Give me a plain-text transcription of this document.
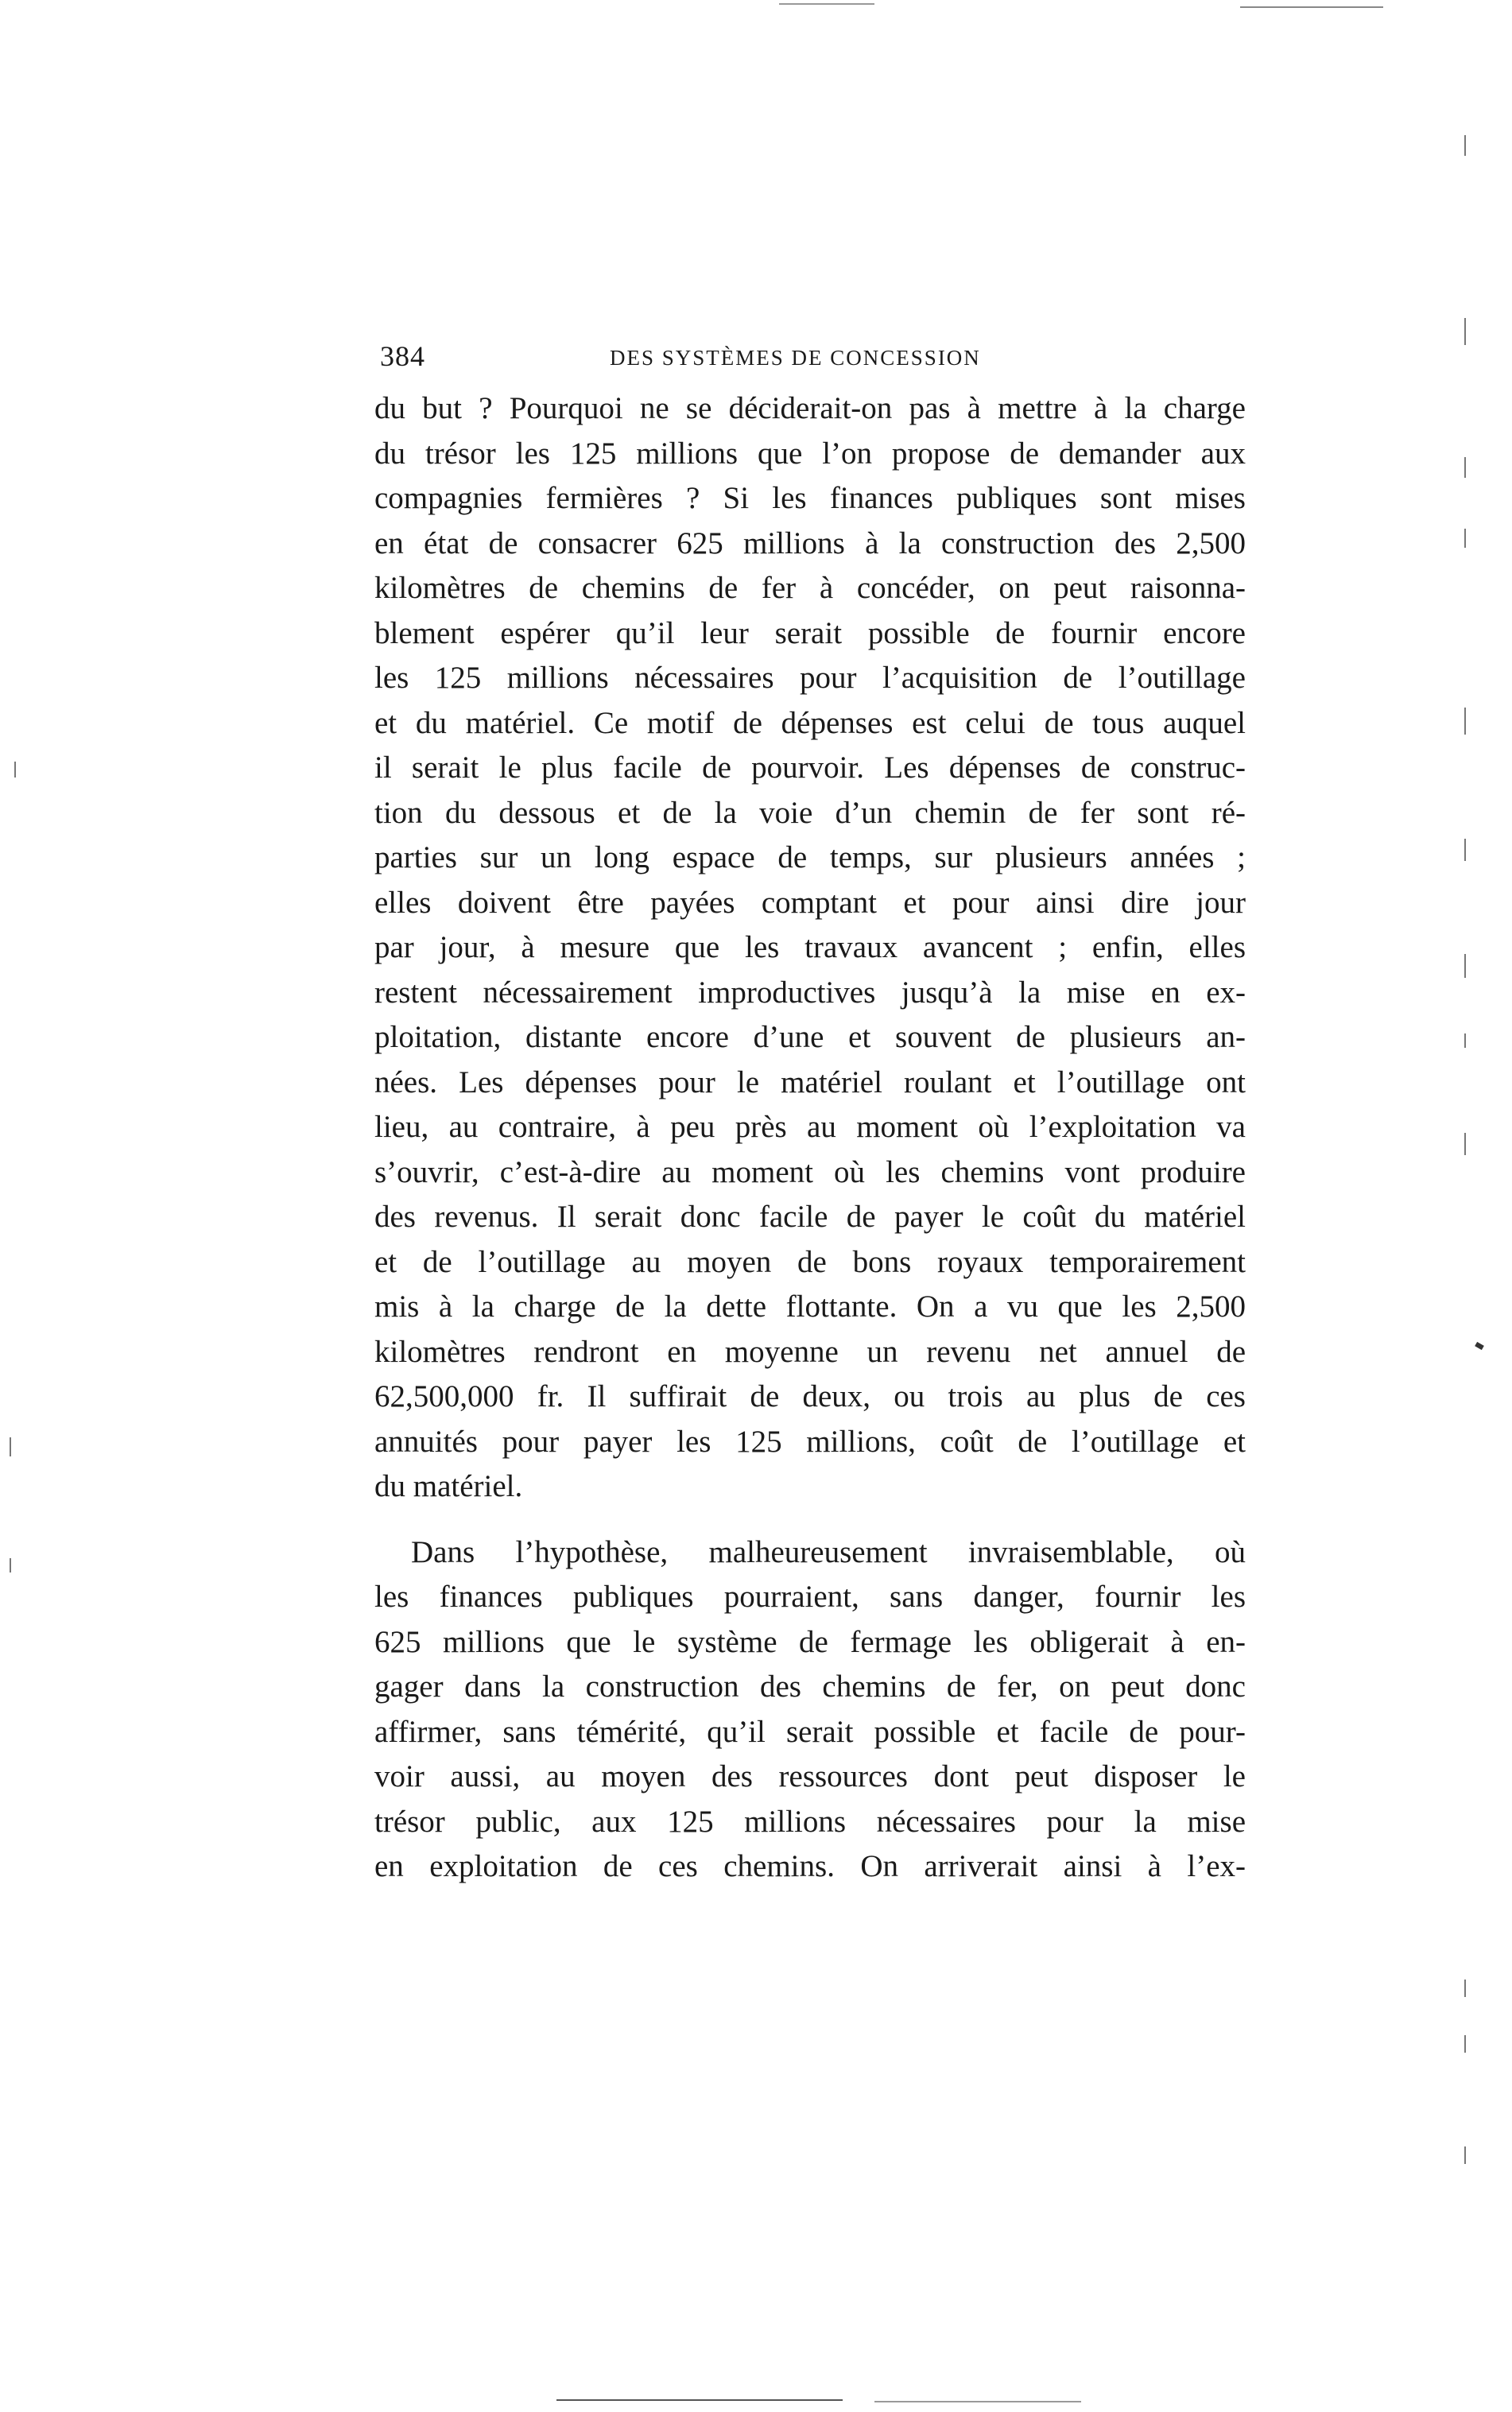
384	DES SYSTÈMES DE CONCESSION
du but ? Pourquoi ne se déciderait-on pas à mettre à la charge
du trésor les 125 millions que l’on propose de demander aux
compagnies fermières ? Si les finances publiques sont mises
en état de consacrer 625 millions à la construction des 2,500
kilomètres de chemins de fer à concéder, on peut raisonna-
blement espérer qu’il leur serait possible de fournir encore
les 125 millions nécessaires pour l’acquisition de l’outillage
et du matériel. Ce motif de dépenses est celui de tous auquel
il serait le plus facile de pourvoir. Les dépenses de construc-
tion du dessous et de la voie d’un chemin de fer sont ré-
parties sur un long espace de temps, sur plusieurs années ;
elles doivent être payées comptant et pour ainsi dire jour
par jour, à mesure que les travaux avancent ; enfin, elles
restent nécessairement improductives jusqu’à la mise en ex-
ploitation, distante encore d’une et souvent de plusieurs an-
nées. Les dépenses pour le matériel roulant et l’outillage ont
lieu, au contraire, à peu près au moment où l’exploitation va
s’ouvrir, c’est-à-dire au moment où les chemins vont produire
des revenus. Il serait donc facile de payer le coût du matériel
et de l’outillage au moyen de bons royaux temporairement
mis à la charge de la dette flottante. On a vu que les 2,500
kilomètres rendront en moyenne un revenu net annuel de
62,500,000 fr. Il suffirait de deux, ou trois au plus de ces
annuités pour payer les 125 millions, coût de l’outillage et
du matériel.
Dans l’hypothèse, malheureusement invraisemblable, où
les finances publiques pourraient, sans danger, fournir les
625 millions que le système de fermage les obligerait à en-
gager dans la construction des chemins de fer, on peut donc
affirmer, sans témérité, qu’il serait possible et facile de pour-
voir aussi, au moyen des ressources dont peut disposer le
trésor public, aux 125 millions nécessaires pour la mise
en exploitation de ces chemins. On arriverait ainsi à l’ex-
